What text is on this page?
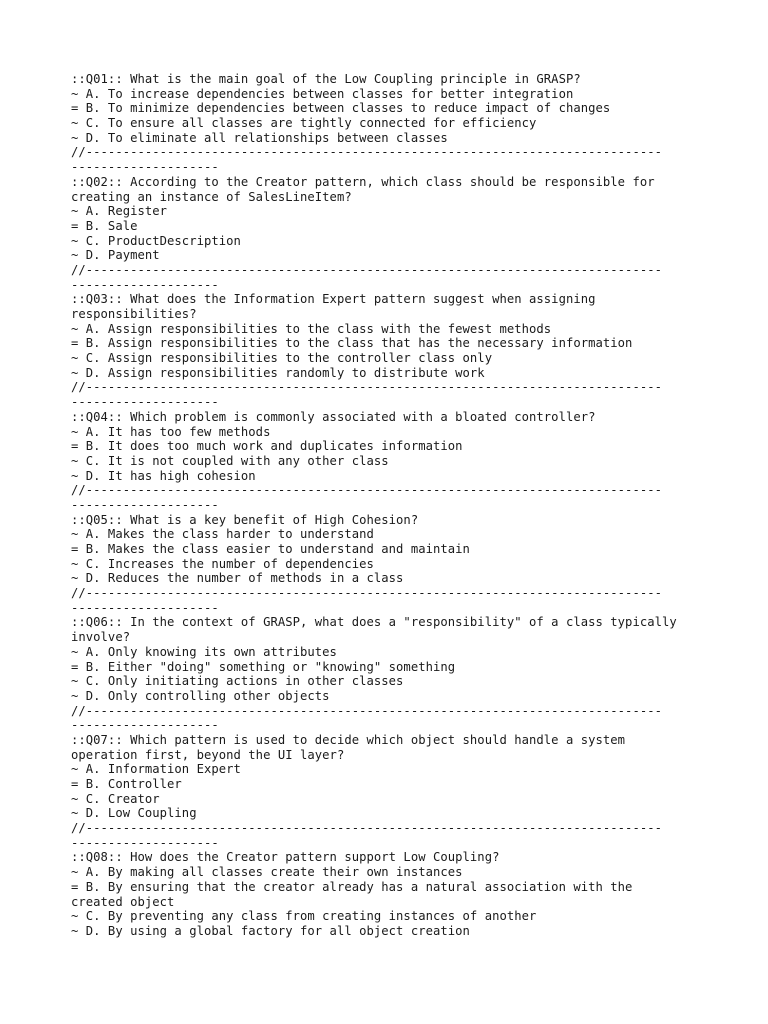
::Q01:: What is the main goal of the Low Coupling principle in GRASP?
~ A. To increase dependencies between classes for better integration
= B. To minimize dependencies between classes to reduce impact of changes
~ C. To ensure all classes are tightly connected for efficiency
~ D. To eliminate all relationships between classes
//------------------------------------------------------------------------------
--------------------
::Q02:: According to the Creator pattern, which class should be responsible for
creating an instance of SalesLineItem?
~ A. Register
= B. Sale
~ C. ProductDescription
~ D. Payment
//------------------------------------------------------------------------------
--------------------
::Q03:: What does the Information Expert pattern suggest when assigning
responsibilities?
~ A. Assign responsibilities to the class with the fewest methods
= B. Assign responsibilities to the class that has the necessary information
~ C. Assign responsibilities to the controller class only
~ D. Assign responsibilities randomly to distribute work
//------------------------------------------------------------------------------
--------------------
::Q04:: Which problem is commonly associated with a bloated controller?
~ A. It has too few methods
= B. It does too much work and duplicates information
~ C. It is not coupled with any other class
~ D. It has high cohesion
//------------------------------------------------------------------------------
--------------------
::Q05:: What is a key benefit of High Cohesion?
~ A. Makes the class harder to understand
= B. Makes the class easier to understand and maintain
~ C. Increases the number of dependencies
~ D. Reduces the number of methods in a class
//------------------------------------------------------------------------------
--------------------
::Q06:: In the context of GRASP, what does a "responsibility" of a class typically
involve?
~ A. Only knowing its own attributes
= B. Either "doing" something or "knowing" something
~ C. Only initiating actions in other classes
~ D. Only controlling other objects
//------------------------------------------------------------------------------
--------------------
::Q07:: Which pattern is used to decide which object should handle a system
operation first, beyond the UI layer?
~ A. Information Expert
= B. Controller
~ C. Creator
~ D. Low Coupling
//------------------------------------------------------------------------------
--------------------
::Q08:: How does the Creator pattern support Low Coupling?
~ A. By making all classes create their own instances
= B. By ensuring that the creator already has a natural association with the
created object
~ C. By preventing any class from creating instances of another
~ D. By using a global factory for all object creation
